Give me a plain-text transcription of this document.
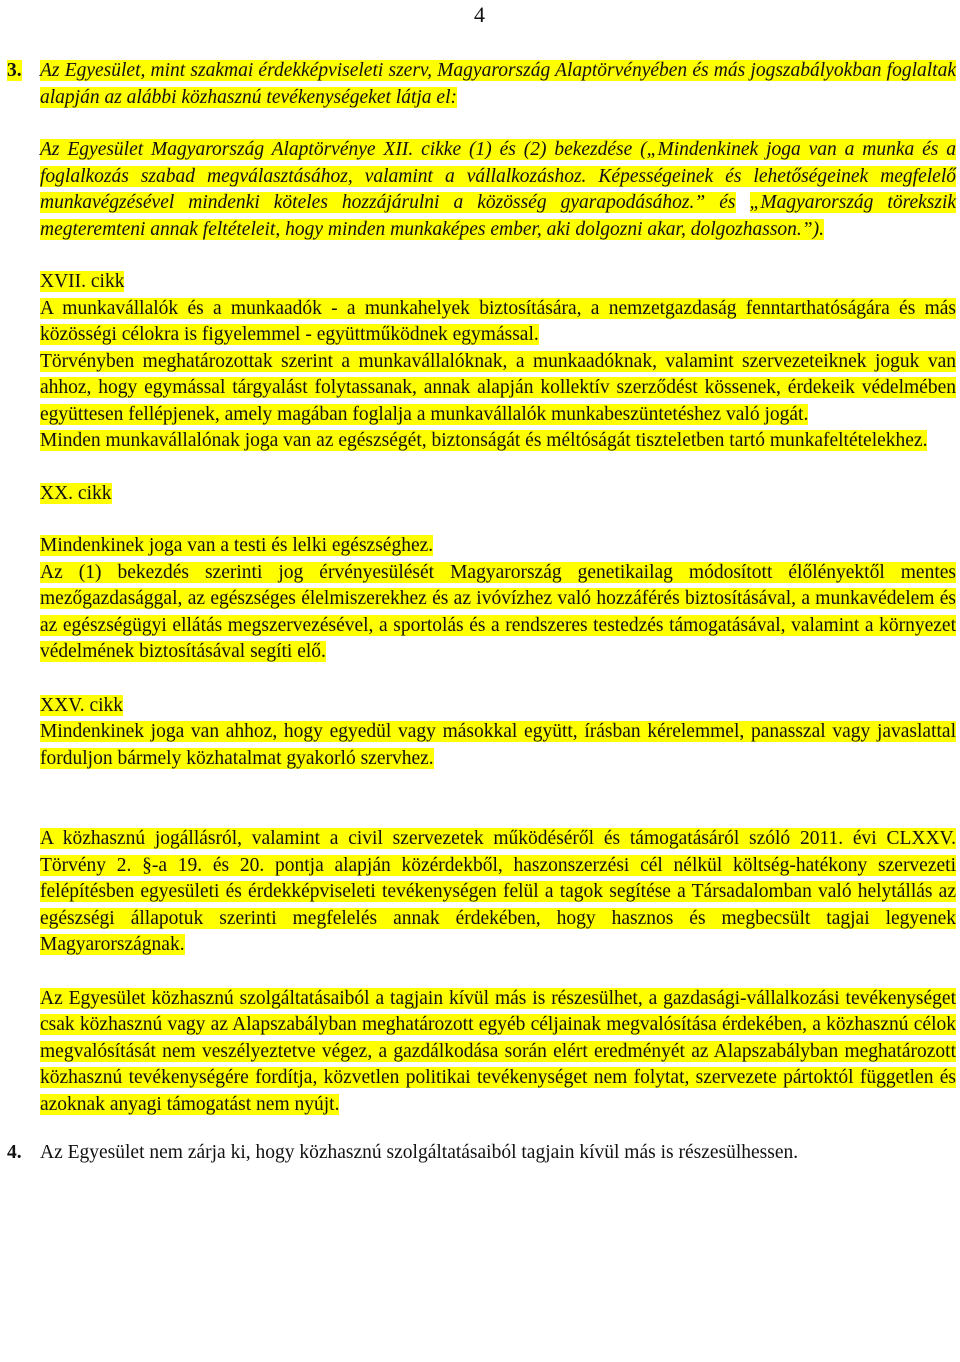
4

3. Az Egyesület, mint szakmai érdekképviseleti szerv, Magyarország Alaptörvényében és más jogszabályokban foglaltak alapján az alábbi közhasznú tevékenységeket látja el:

Az Egyesület Magyarország Alaptörvénye XII. cikke (1) és (2) bekezdése („Mindenkinek joga van a munka és a foglalkozás szabad megválasztásához, valamint a vállalkozáshoz. Képességeinek és lehetőségeinek megfelelő munkavégzésével mindenki köteles hozzájárulni a közösség gyarapodásához.” és „Magyarország törekszik megteremteni annak feltételeit, hogy minden munkaképes ember, aki dolgozni akar, dolgozhasson.”).

XVII. cikk

A munkavállalók és a munkaadók - a munkahelyek biztosítására, a nemzetgazdaság fenntarthatóságára és más közösségi célokra is figyelemmel - együttműködnek egymással.

Törvényben meghatározottak szerint a munkavállalóknak, a munkaadóknak, valamint szervezeteiknek joguk van ahhoz, hogy egymással tárgyalást folytassanak, annak alapján kollektív szerződést kössenek, érdekeik védelmében együttesen fellépjenek, amely magában foglalja a munkavállalók munkabeszüntetéshez való jogát.

Minden munkavállalónak joga van az egészségét, biztonságát és méltóságát tiszteletben tartó munkafeltételekhez.

XX. cikk

Mindenkinek joga van a testi és lelki egészséghez.

Az (1) bekezdés szerinti jog érvényesülését Magyarország genetikailag módosított élőlényektől mentes mezőgazdasággal, az egészséges élelmiszerekhez és az ivóvízhez való hozzáférés biztosításával, a munkavédelem és az egészségügyi ellátás megszervezésével, a sportolás és a rendszeres testedzés támogatásával, valamint a környezet védelmének biztosításával segíti elő.

XXV. cikk

Mindenkinek joga van ahhoz, hogy egyedül vagy másokkal együtt, írásban kérelemmel, panasszal vagy javaslattal forduljon bármely közhatalmat gyakorló szervhez.

A közhasznú jogállásról, valamint a civil szervezetek működéséről és támogatásáról szóló 2011. évi CLXXV. Törvény 2. §-a 19. és 20. pontja alapján közérdekből, haszonszerzési cél nélkül költség-hatékony szervezeti felépítésben egyesületi és érdekképviseleti tevékenységen felül a tagok segítése a Társadalomban való helytállás az egészségi állapotuk szerinti megfelelés annak érdekében, hogy hasznos és megbecsült tagjai legyenek Magyarországnak.

Az Egyesület közhasznú szolgáltatásaiból a tagjain kívül más is részesülhet, a gazdasági-vállalkozási tevékenységet csak közhasznú vagy az Alapszabályban meghatározott egyéb céljainak megvalósítása érdekében, a közhasznú célok megvalósítását nem veszélyeztetve végez, a gazdálkodása során elért eredményét az Alapszabályban meghatározott közhasznú tevékenységére fordítja, közvetlen politikai tevékenységet nem folytat, szervezete pártoktól független és azoknak anyagi támogatást nem nyújt.

4. Az Egyesület nem zárja ki, hogy közhasznú szolgáltatásaiból tagjain kívül más is részesülhessen.
